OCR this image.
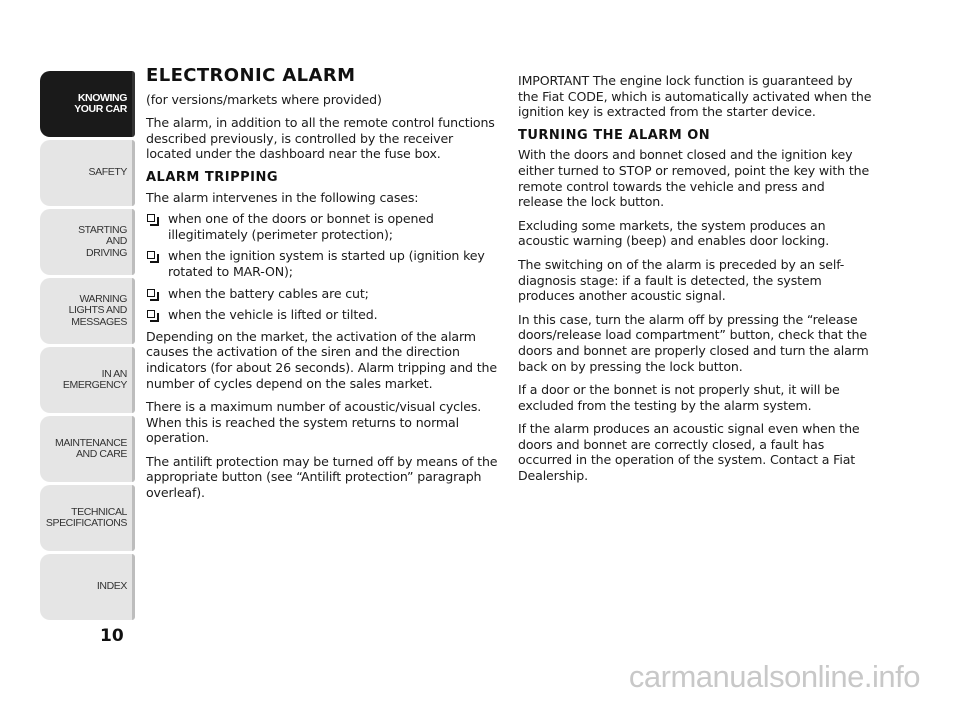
KNOWING
YOUR CAR
SAFETY
STARTING
AND
DRIVING
WARNING
LIGHTS AND
MESSAGES
IN AN
EMERGENCY
MAINTENANCE
AND CARE
TECHNICAL
SPECIFICATIONS
INDEX
10
ELECTRONIC ALARM

(for versions/markets where provided)

The alarm, in addition to all the remote control functions described previously, is controlled by the receiver located under the dashboard near the fuse box.

ALARM TRIPPING

The alarm intervenes in the following cases:

when one of the doors or bonnet is opened illegitimately (perimeter protection);
when the ignition system is started up (ignition key rotated to MAR-ON);
when the battery cables are cut;
when the vehicle is lifted or tilted.

Depending on the market, the activation of the alarm causes the activation of the siren and the direction indicators (for about 26 seconds). Alarm tripping and the number of cycles depend on the sales market.

There is a maximum number of acoustic/visual cycles. When this is reached the system returns to normal operation.

The antilift protection may be turned off by means of the appropriate button (see “Antilift protection” paragraph overleaf).

IMPORTANT The engine lock function is guaranteed by the Fiat CODE, which is automatically activated when the ignition key is extracted from the starter device.

TURNING THE ALARM ON

With the doors and bonnet closed and the ignition key either turned to STOP or removed, point the key with the remote control towards the vehicle and press and release the lock button.

Excluding some markets, the system produces an acoustic warning (beep) and enables door locking.

The switching on of the alarm is preceded by an self-diagnosis stage: if a fault is detected, the system produces another acoustic signal.

In this case, turn the alarm off by pressing the “release doors/release load compartment” button, check that the doors and bonnet are properly closed and turn the alarm back on by pressing the lock button.

If a door or the bonnet is not properly shut, it will be excluded from the testing by the alarm system.

If the alarm produces an acoustic signal even when the doors and bonnet are correctly closed, a fault has occurred in the operation of the system. Contact a Fiat Dealership.

carmanualsonline.info
